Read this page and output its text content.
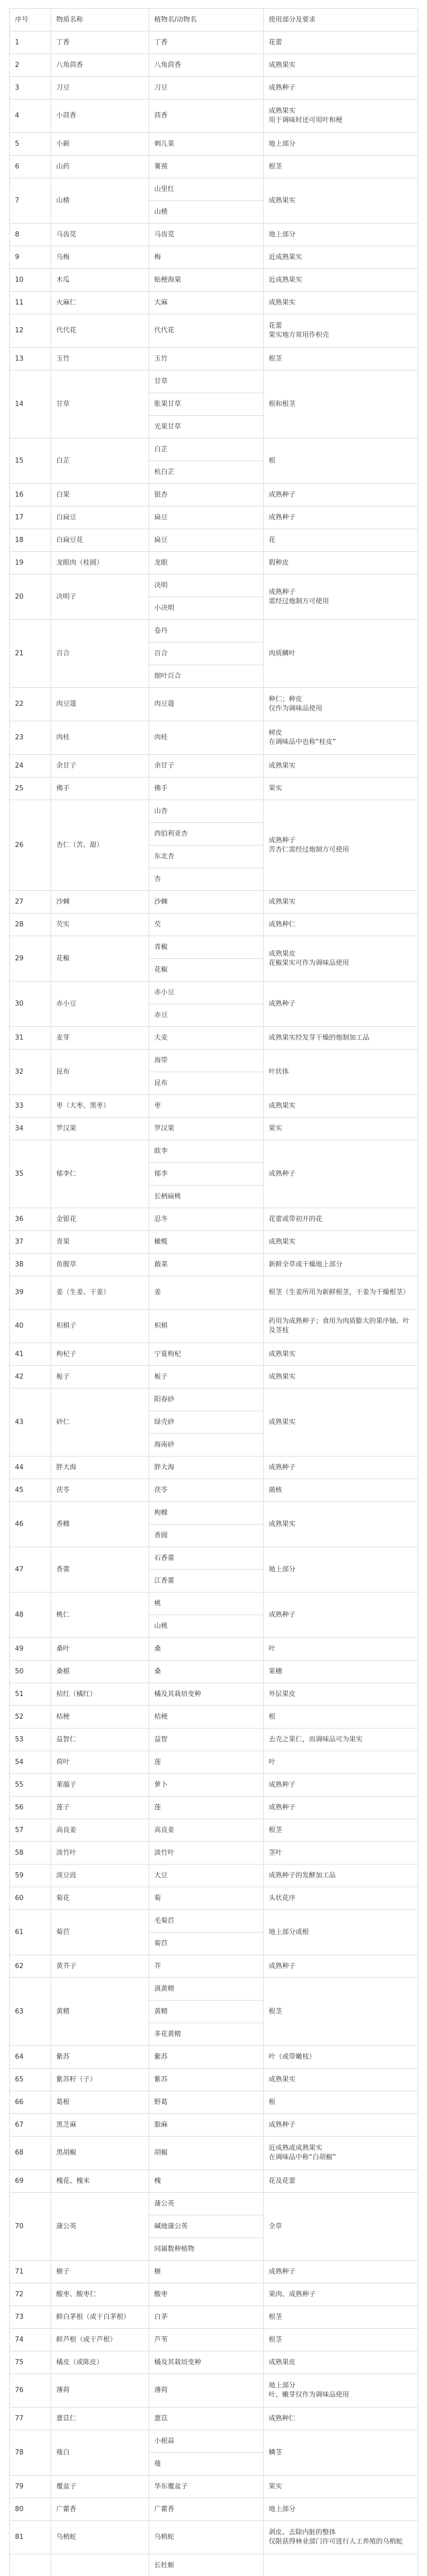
序号	物质名称	植物名/动物名	使用部分及要求
1	丁香	丁香	花蕾

2	八角茴香	八角茴香	成熟果实

3	刀豆	刀豆	成熟种子

4	小茴香	茴香	成熟果实
用于调味时还可用叶和梗

5	小蓟	刺儿菜	地上部分

6	山药	薯蓣	根茎

7	山楂	山里红	成熟果实

		山楂	
8	马齿苋	马齿苋	地上部分

9	乌梅	梅	近成熟果实

10	木瓜	贴梗海棠	近成熟果实

11	火麻仁	大麻	成熟果实

12	代代花	代代花	花蕾
果实地方常用作枳壳

13	玉竹	玉竹	根茎

14	甘草	甘草	根和根茎

		胀果甘草	
		光果甘草	
15	白芷	白芷	根

		杭白芷	
16	白果	银杏	成熟种子

17	白扁豆	扁豆	成熟种子

18	白扁豆花	扁豆	花

19	龙眼肉（桂圆）	龙眼	假种皮

20	决明子	决明	成熟种子
需经过炮制方可使用

		小决明	
21	百合	卷丹	肉质鳞叶

		百合	
		细叶百合	
22	肉豆蔻	肉豆蔻	种仁；种皮
仅作为调味品使用

23	肉桂	肉桂	树皮
在调味品中也称“桂皮”

24	余甘子	余甘子	成熟果实

25	佛手	佛手	果实

26	杏仁（苦、甜）	山杏	成熟种子
苦杏仁需经过炮制方可使用

		西伯利亚杏	
		东北杏	
		杏	
27	沙棘	沙棘	成熟果实

28	芡实	芡	成熟种仁

29	花椒	青椒	成熟果皮
花椒果实可作为调味品使用

		花椒	
30	赤小豆	赤小豆	成熟种子

		赤豆	
31	麦芽	大麦	成熟果实经发芽干燥的炮制加工品

32	昆布	海带	叶状体

		昆布	
33	枣（大枣、黑枣）	枣	成熟果实

34	罗汉果	罗汉果	果实

35	郁李仁	欧李	成熟种子

		郁李	
		长柄扁桃	
36	金银花	忍冬	花蕾或带初开的花

37	青果	橄榄	成熟果实

38	鱼腥草	蕺菜	新鲜全草或干燥地上部分

39	姜（生姜、干姜）	姜	根茎（生姜所用为新鲜根茎，干姜为干燥根茎）

40	枳椇子	枳椇	药用为成熟种子；食用为肉质膨大的果序轴、叶及茎枝

41	枸杞子	宁夏枸杞	成熟果实

42	栀子	栀子	成熟果实

43	砂仁	阳春砂	成熟果实

		绿壳砂	
		海南砂	
44	胖大海	胖大海	成熟种子

45	茯苓	茯苓	菌核

46	香橼	枸橼	成熟果实

		香圆	
47	香薷	石香薷	地上部分

		江香薷	
48	桃仁	桃	成熟种子

		山桃	
49	桑叶	桑	叶

50	桑椹	桑	果穗

51	桔红（橘红）	橘及其栽培变种	外层果皮

52	桔梗	桔梗	根

53	益智仁	益智	去壳之果仁，而调味品可为果实

54	荷叶	莲	叶

55	莱菔子	萝卜	成熟种子

56	莲子	莲	成熟种子

57	高良姜	高良姜	根茎

58	淡竹叶	淡竹叶	茎叶

59	淡豆豉	大豆	成熟种子的发酵加工品

60	菊花	菊	头状花序

61	菊苣	毛菊苣	地上部分或根

		菊苣	
62	黄芥子	芥	成熟种子

63	黄精	滇黄精	根茎

		黄精	
		多花黄精	
64	紫苏	紫苏	叶（或带嫩枝）

65	紫苏籽（子）	紫苏	成熟果实

66	葛根	野葛	根

67	黑芝麻	脂麻	成熟种子

68	黑胡椒	胡椒	近成熟或成熟果实
在调味品中称“白胡椒”

69	槐花、槐米	槐	花及花蕾

70	蒲公英	蒲公英	全草

		碱地蒲公英	
		同属数种植物	
71	榧子	榧	成熟种子

72	酸枣、酸枣仁	酸枣	果肉、成熟种子

73	鲜白茅根（或干白茅根）	白茅	根茎

74	鲜芦根（或干芦根）	芦苇	根茎

75	橘皮（或陈皮）	橘及其栽培变种	成熟果皮

76	薄荷	薄荷	地上部分
叶、嫩芽仅作为调味品使用

77	薏苡仁	薏苡	成熟种仁

78	薤白	小根蒜	鳞茎

		薤	
79	覆盆子	华东覆盆子	果实

80	广藿香	广藿香	地上部分

81	乌梢蛇	乌梢蛇	剥皮、去除内脏的整体
仅限获得林业部门许可进行人工养殖的乌梢蛇

		长牡蛎	
